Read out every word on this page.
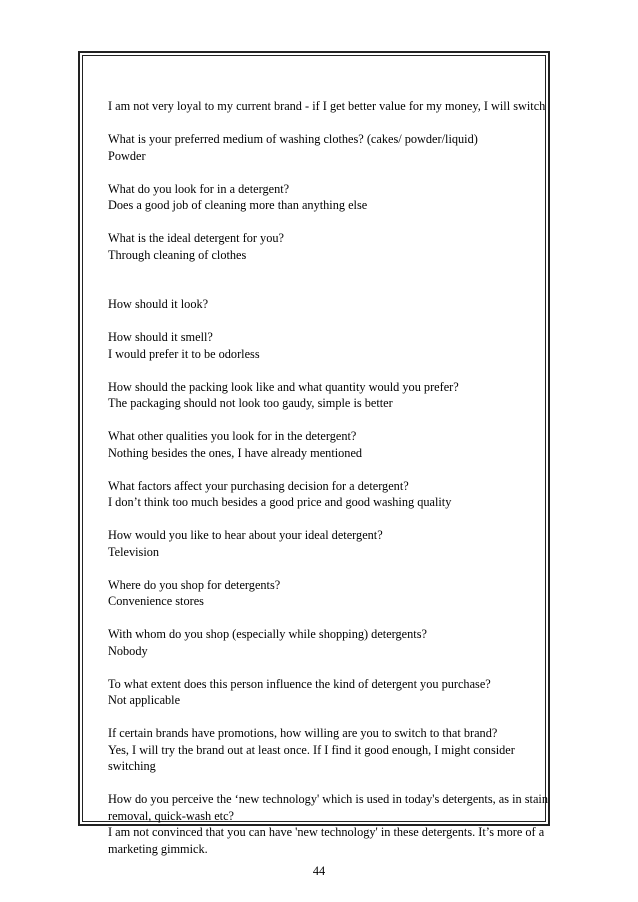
I am not very loyal to my current brand - if I get better value for my money, I will switch
What is your preferred medium of washing clothes? (cakes/ powder/liquid)
Powder
What do you look for in a detergent?
Does a good job of cleaning more than anything else
What is the ideal detergent for you?
Through cleaning of clothes
How should it look?
How should it smell?
I would prefer it to be odorless
How should the packing look like and what quantity would you prefer?
The packaging should not look too gaudy, simple is better
What other qualities you look for in the detergent?
Nothing besides the ones, I have already mentioned
What factors affect your purchasing decision for a detergent?
I don’t think too much besides a good price and good washing quality
How would you like to hear about your ideal detergent?
Television
Where do you shop for detergents?
Convenience stores
With whom do you shop (especially while shopping) detergents?
Nobody
To what extent does this person influence the kind of detergent you purchase?
Not applicable
If certain brands have promotions, how willing are you to switch to that brand?
Yes, I will try the brand out at least once. If I find it good enough, I might consider switching
How do you perceive the ‘new technology' which is used in today's detergents, as in stain removal, quick-wash etc?
I am not convinced that you can have 'new technology' in these detergents. It’s more of a marketing gimmick.
44
